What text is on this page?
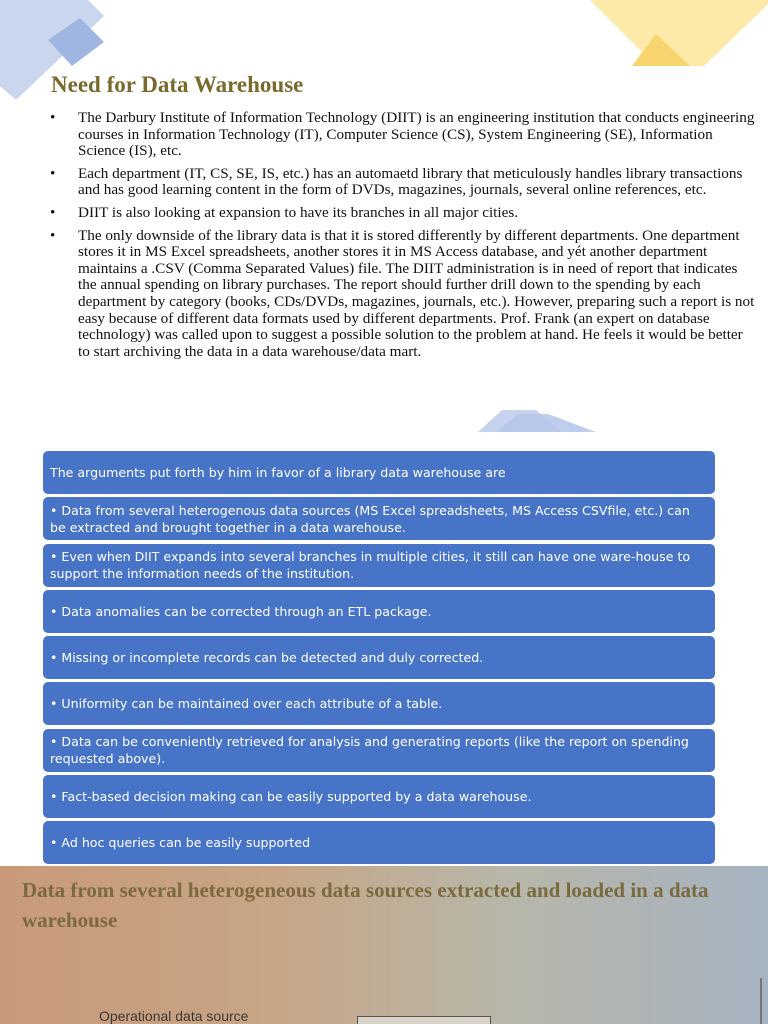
Need for Data Warehouse
• The Darbury Institute of Information Technology (DIIT) is an engineering institution that conducts engineering courses in Information Technology (IT), Computer Science (CS), System Engineering (SE), Information Science (IS), etc.
• Each department (IT, CS, SE, IS, etc.) has an automaetd library that meticulously handles library transactions and has good learning content in the form of DVDs, magazines, journals, several online references, etc.
• DIIT is also looking at expansion to have its branches in all major cities.
• The only downside of the library data is that it is stored differently by different departments. One department stores it in MS Excel spreadsheets, another stores it in MS Access database, and yét another department maintains a .CSV (Comma Separated Values) file. The DIIT administration is in need of report that indicates the annual spending on library purchases. The report should further drill down to the spending by each department by category (books, CDs/DVDs, magazines, journals, etc.). However, preparing such a report is not easy because of different data formats used by different departments. Prof. Frank (an expert on database technology) was called upon to suggest a possible solution to the problem at hand. He feels it would be better to start archiving the data in a data warehouse/data mart.
The arguments put forth by him in favor of a library data warehouse are
• Data from several heterogenous data sources (MS Excel spreadsheets, MS Access CSVfile, etc.) can be extracted and brought together in a data warehouse.
• Even when DIIT expands into several branches in multiple cities, it still can have one ware-house to support the information needs of the institution.
• Data anomalies can be corrected through an ETL package.
• Missing or incomplete records can be detected and duly corrected.
• Uniformity can be maintained over each attribute of a table.
• Data can be conveniently retrieved for analysis and generating reports (like the report on spending requested above).
• Fact-based decision making can be easily supported by a data warehouse.
• Ad hoc queries can be easily supported
Data from several heterogeneous data sources extracted and loaded in a data warehouse
Operational data source
